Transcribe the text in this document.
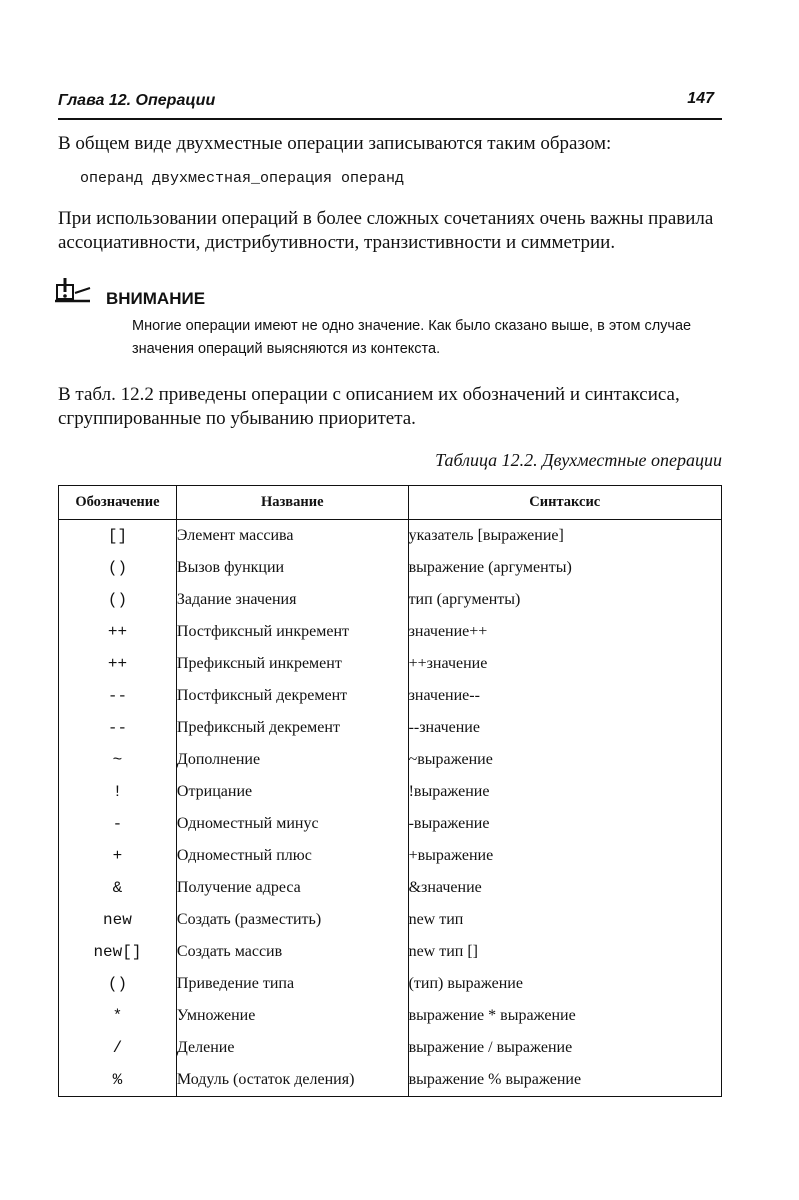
Глава 12. Операции	147
В общем виде двухместные операции записываются таким образом:
операнд двухместная_операция операнд
При использовании операций в более сложных сочетаниях очень важны правила ассоциативности, дистрибутивности, транзистивности и симметрии.
ВНИМАНИЕ
Многие операции имеют не одно значение. Как было сказано выше, в этом случае значения операций выясняются из контекста.
В табл. 12.2 приведены операции с описанием их обозначений и синтаксиса, сгруппированные по убыванию приоритета.
Таблица 12.2. Двухместные операции
Обозначение	Название	Синтаксис
[]	Элемент массива	указатель [выражение]
()	Вызов функции	выражение (аргументы)
()	Задание значения	тип (аргументы)
++	Постфиксный инкремент	значение++
++	Префиксный инкремент	++значение
--	Постфиксный декремент	значение--
--	Префиксный декремент	--значение
~	Дополнение	~выражение
!	Отрицание	!выражение
-	Одноместный минус	-выражение
+	Одноместный плюс	+выражение
&	Получение адреса	&значение
new	Создать (разместить)	new тип
new[]	Создать массив	new тип []
()	Приведение типа	(тип) выражение
*	Умножение	выражение * выражение
/	Деление	выражение / выражение
%	Модуль (остаток деления)	выражение % выражение
